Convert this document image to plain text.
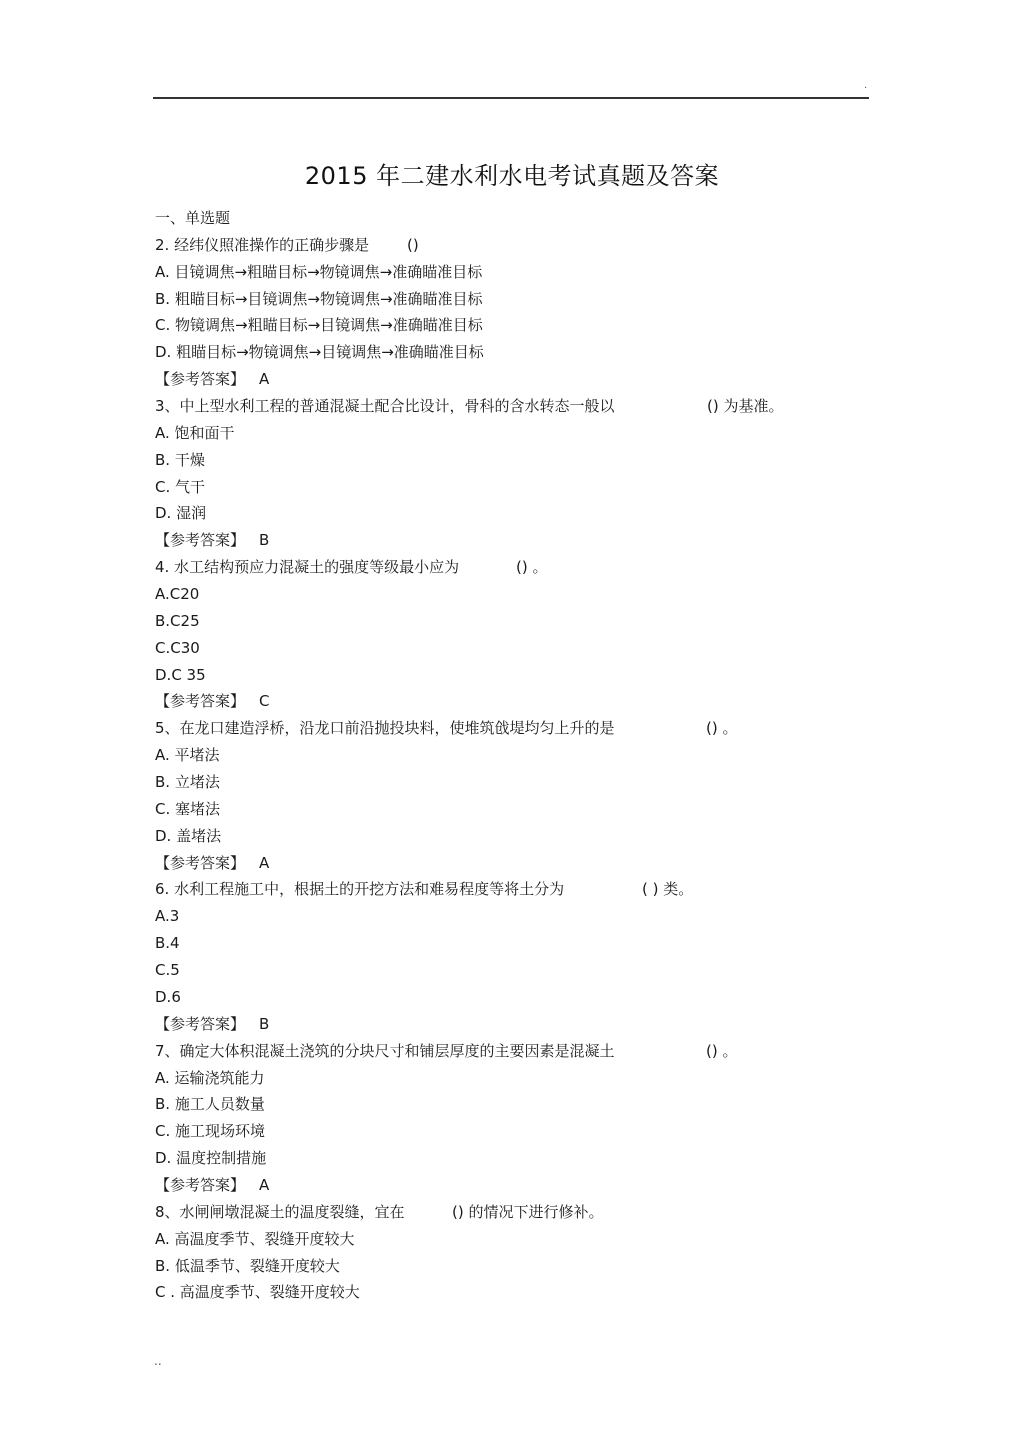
.
2015 年二建水利水电考试真题及答案
一、单选题
2. 经纬仪照准操作的正确步骤是	()
A. 目镜调焦→粗瞄目标→物镜调焦→准确瞄准目标
B. 粗瞄目标→目镜调焦→物镜调焦→准确瞄准目标
C. 物镜调焦→粗瞄目标→目镜调焦→准确瞄准目标
D. 粗瞄目标→物镜调焦→目镜调焦→准确瞄准目标
【参考答案】 A
3、中上型水利工程的普通混凝土配合比设计，骨科的含水转态一般以	() 为基准。
A. 饱和面干
B. 干燥
C. 气干
D. 湿润
【参考答案】 B
4. 水工结构预应力混凝土的强度等级最小应为	() 。
A.C20
B.C25
C.C30
D.C 35
【参考答案】 C
5、在龙口建造浮桥，沿龙口前沿抛投块料，使堆筑戗堤均匀上升的是	() 。
A. 平堵法
B. 立堵法
C. 塞堵法
D. 盖堵法
【参考答案】 A
6. 水利工程施工中，根据土的开挖方法和难易程度等将土分为	( ) 类。
A.3
B.4
C.5
D.6
【参考答案】 B
7、确定大体积混凝土浇筑的分块尺寸和铺层厚度的主要因素是混凝土	() 。
A. 运输浇筑能力
B. 施工人员数量
C. 施工现场环境
D. 温度控制措施
【参考答案】 A
8、水闸闸墩混凝土的温度裂缝，宜在	() 的情况下进行修补。
A. 高温度季节、裂缝开度较大
B. 低温季节、裂缝开度较大
C . 高温度季节、裂缝开度较大
..
